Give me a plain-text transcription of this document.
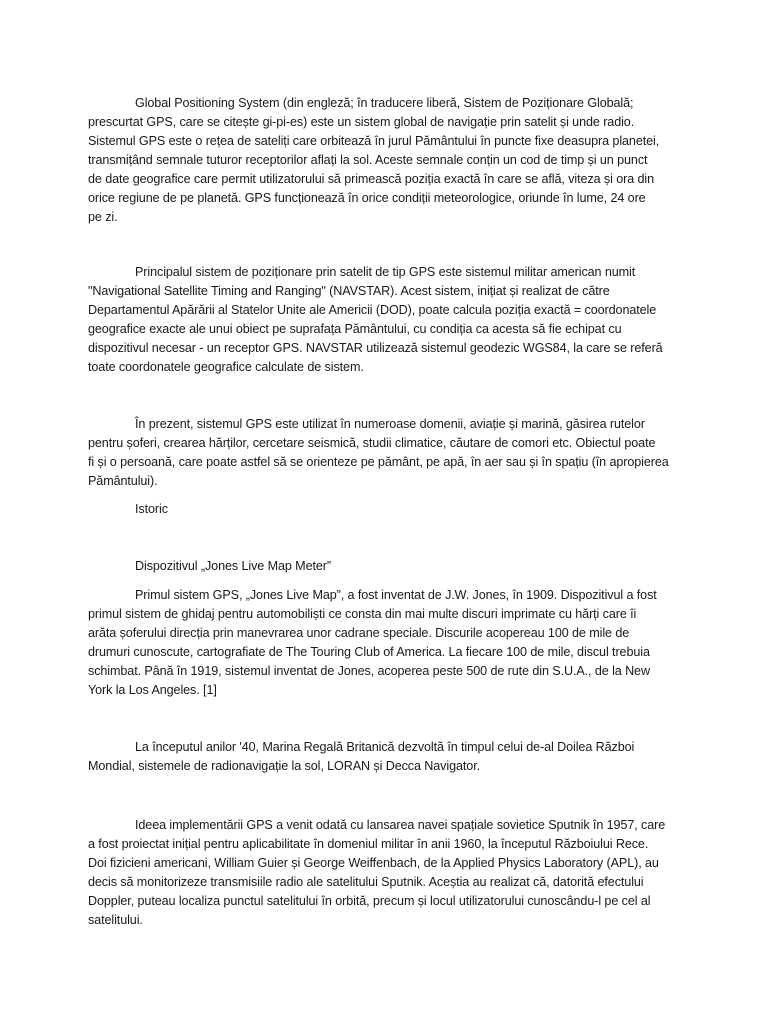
Global Positioning System (din engleză; în traducere liberă, Sistem de Poziționare Globală;
prescurtat GPS, care se citește gi-pi-es) este un sistem global de navigație prin satelit și unde radio.
Sistemul GPS este o rețea de sateliți care orbitează în jurul Pământului în puncte fixe deasupra planetei,
transmițând semnale tuturor receptorilor aflați la sol. Aceste semnale conțin un cod de timp și un punct
de date geografice care permit utilizatorului să primească poziția exactă în care se află, viteza și ora din
orice regiune de pe planetă. GPS funcționează în orice condiții meteorologice, oriunde în lume, 24 ore
pe zi.

Principalul sistem de poziționare prin satelit de tip GPS este sistemul militar american numit
"Navigational Satellite Timing and Ranging" (NAVSTAR). Acest sistem, inițiat și realizat de către
Departamentul Apărării al Statelor Unite ale Americii (DOD), poate calcula poziția exactă = coordonatele
geografice exacte ale unui obiect pe suprafața Pământului, cu condiția ca acesta să fie echipat cu
dispozitivul necesar - un receptor GPS. NAVSTAR utilizează sistemul geodezic WGS84, la care se referă
toate coordonatele geografice calculate de sistem.

În prezent, sistemul GPS este utilizat în numeroase domenii, aviație și marină, găsirea rutelor
pentru șoferi, crearea hărților, cercetare seismică, studii climatice, căutare de comori etc. Obiectul poate
fi și o persoană, care poate astfel să se orienteze pe pământ, pe apă, în aer sau și în spațiu (în apropierea
Pământului).

Istoric

Dispozitivul „Jones Live Map Meter”

Primul sistem GPS, „Jones Live Map”, a fost inventat de J.W. Jones, în 1909. Dispozitivul a fost
primul sistem de ghidaj pentru automobiliști ce consta din mai multe discuri imprimate cu hărți care îi
arăta șoferului direcția prin manevrarea unor cadrane speciale. Discurile acopereau 100 de mile de
drumuri cunoscute, cartografiate de The Touring Club of America. La fiecare 100 de mile, discul trebuia
schimbat. Până în 1919, sistemul inventat de Jones, acoperea peste 500 de rute din S.U.A., de la New
York la Los Angeles. [1]

La începutul anilor '40, Marina Regală Britanică dezvoltă în timpul celui de-al Doilea Război
Mondial, sistemele de radionavigație la sol, LORAN și Decca Navigator.

Ideea implementării GPS a venit odată cu lansarea navei spațiale sovietice Sputnik în 1957, care
a fost proiectat inițial pentru aplicabilitate în domeniul militar în anii 1960, la începutul Războiului Rece.
Doi fizicieni americani, William Guier și George Weiffenbach, de la Applied Physics Laboratory (APL), au
decis să monitorizeze transmisiile radio ale satelitului Sputnik. Aceștia au realizat că, datorită efectului
Doppler, puteau localiza punctul satelitului în orbită, precum și locul utilizatorului cunoscându-l pe cel al
satelitului.
